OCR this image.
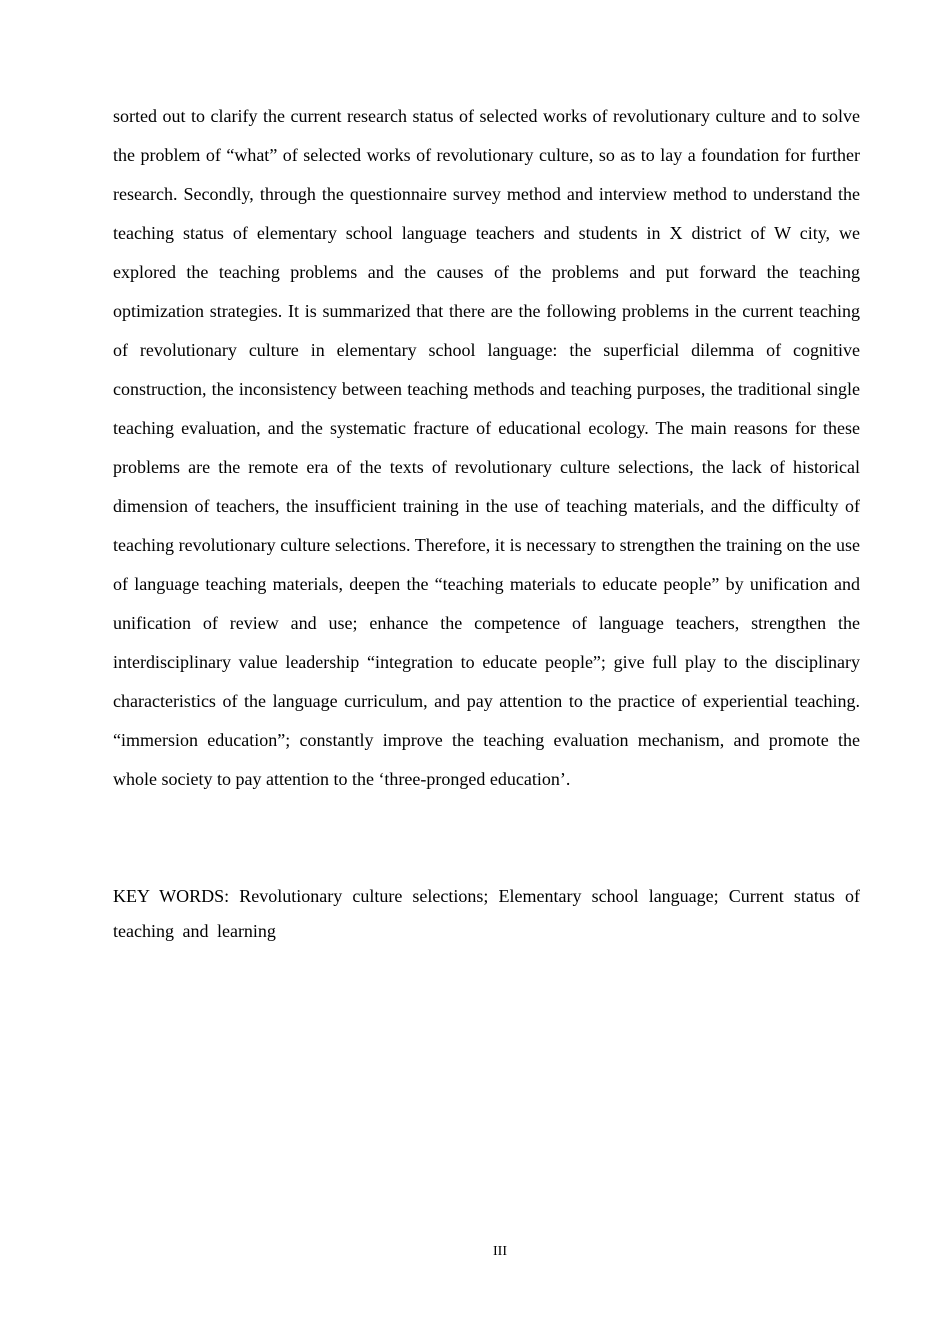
sorted out to clarify the current research status of selected works of revolutionary culture and to solve the problem of “what” of selected works of revolutionary culture, so as to lay a foundation for further research. Secondly, through the questionnaire survey method and interview method to understand the teaching status of elementary school language teachers and students in X district of W city, we explored the teaching problems and the causes of the problems and put forward the teaching optimization strategies. It is summarized that there are the following problems in the current teaching of revolutionary culture in elementary school language: the superficial dilemma of cognitive construction, the inconsistency between teaching methods and teaching purposes, the traditional single teaching evaluation, and the systematic fracture of educational ecology. The main reasons for these problems are the remote era of the texts of revolutionary culture selections, the lack of historical dimension of teachers, the insufficient training in the use of teaching materials, and the difficulty of teaching revolutionary culture selections. Therefore, it is necessary to strengthen the training on the use of language teaching materials, deepen the “teaching materials to educate people” by unification and unification of review and use; enhance the competence of language teachers, strengthen the interdisciplinary value leadership “integration to educate people”; give full play to the disciplinary characteristics of the language curriculum, and pay attention to the practice of experiential teaching. “immersion education”; constantly improve the teaching evaluation mechanism, and promote the whole society to pay attention to the ‘three-pronged education’.

KEY WORDS: Revolutionary culture selections; Elementary school language; Current status of teaching and learning

III
